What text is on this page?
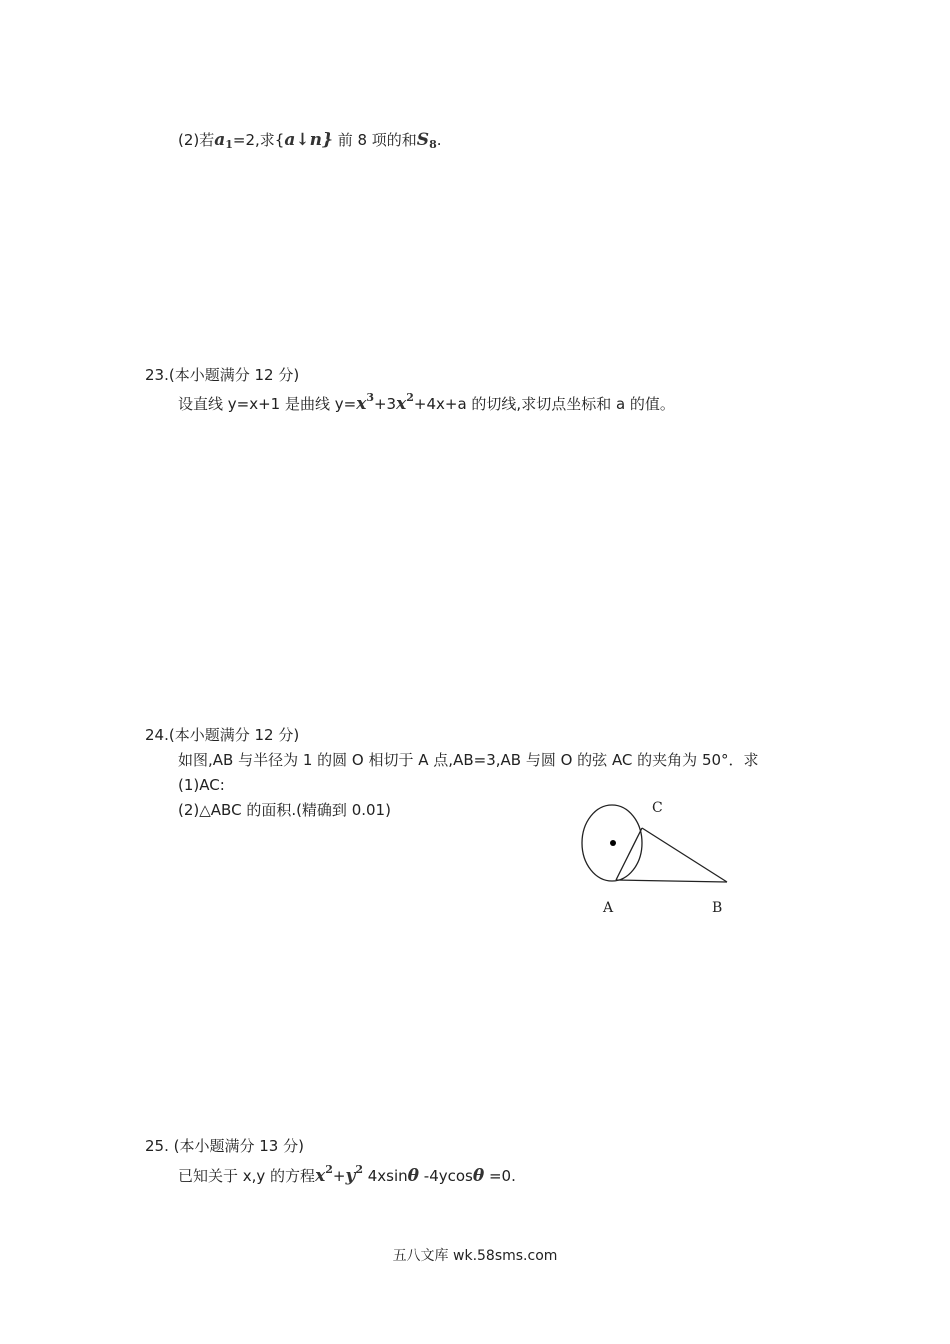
(2)若a1=2,求{a↓n} 前 8 项的和S8.
23.(本小题满分 12 分)
设直线 y=x+1 是曲线 $y=x^3+3x^2+4x+a$ 的切线,求切点坐标和 a 的值。
24.(本小题满分 12 分)
如图,AB 与半径为 1 的圆 O 相切于 A 点,AB=3,AB 与圆 O 的弦 AC 的夹角为 50°．求
(1)AC:
(2)△ABC 的面积.(精确到 0.01)	C
A	B
25. (本小题满分 13 分)
已知关于 x,y 的方程$x^2+y^2$ 4xsinθ -4ycosθ =0.
五八文库 wk.58sms.com
